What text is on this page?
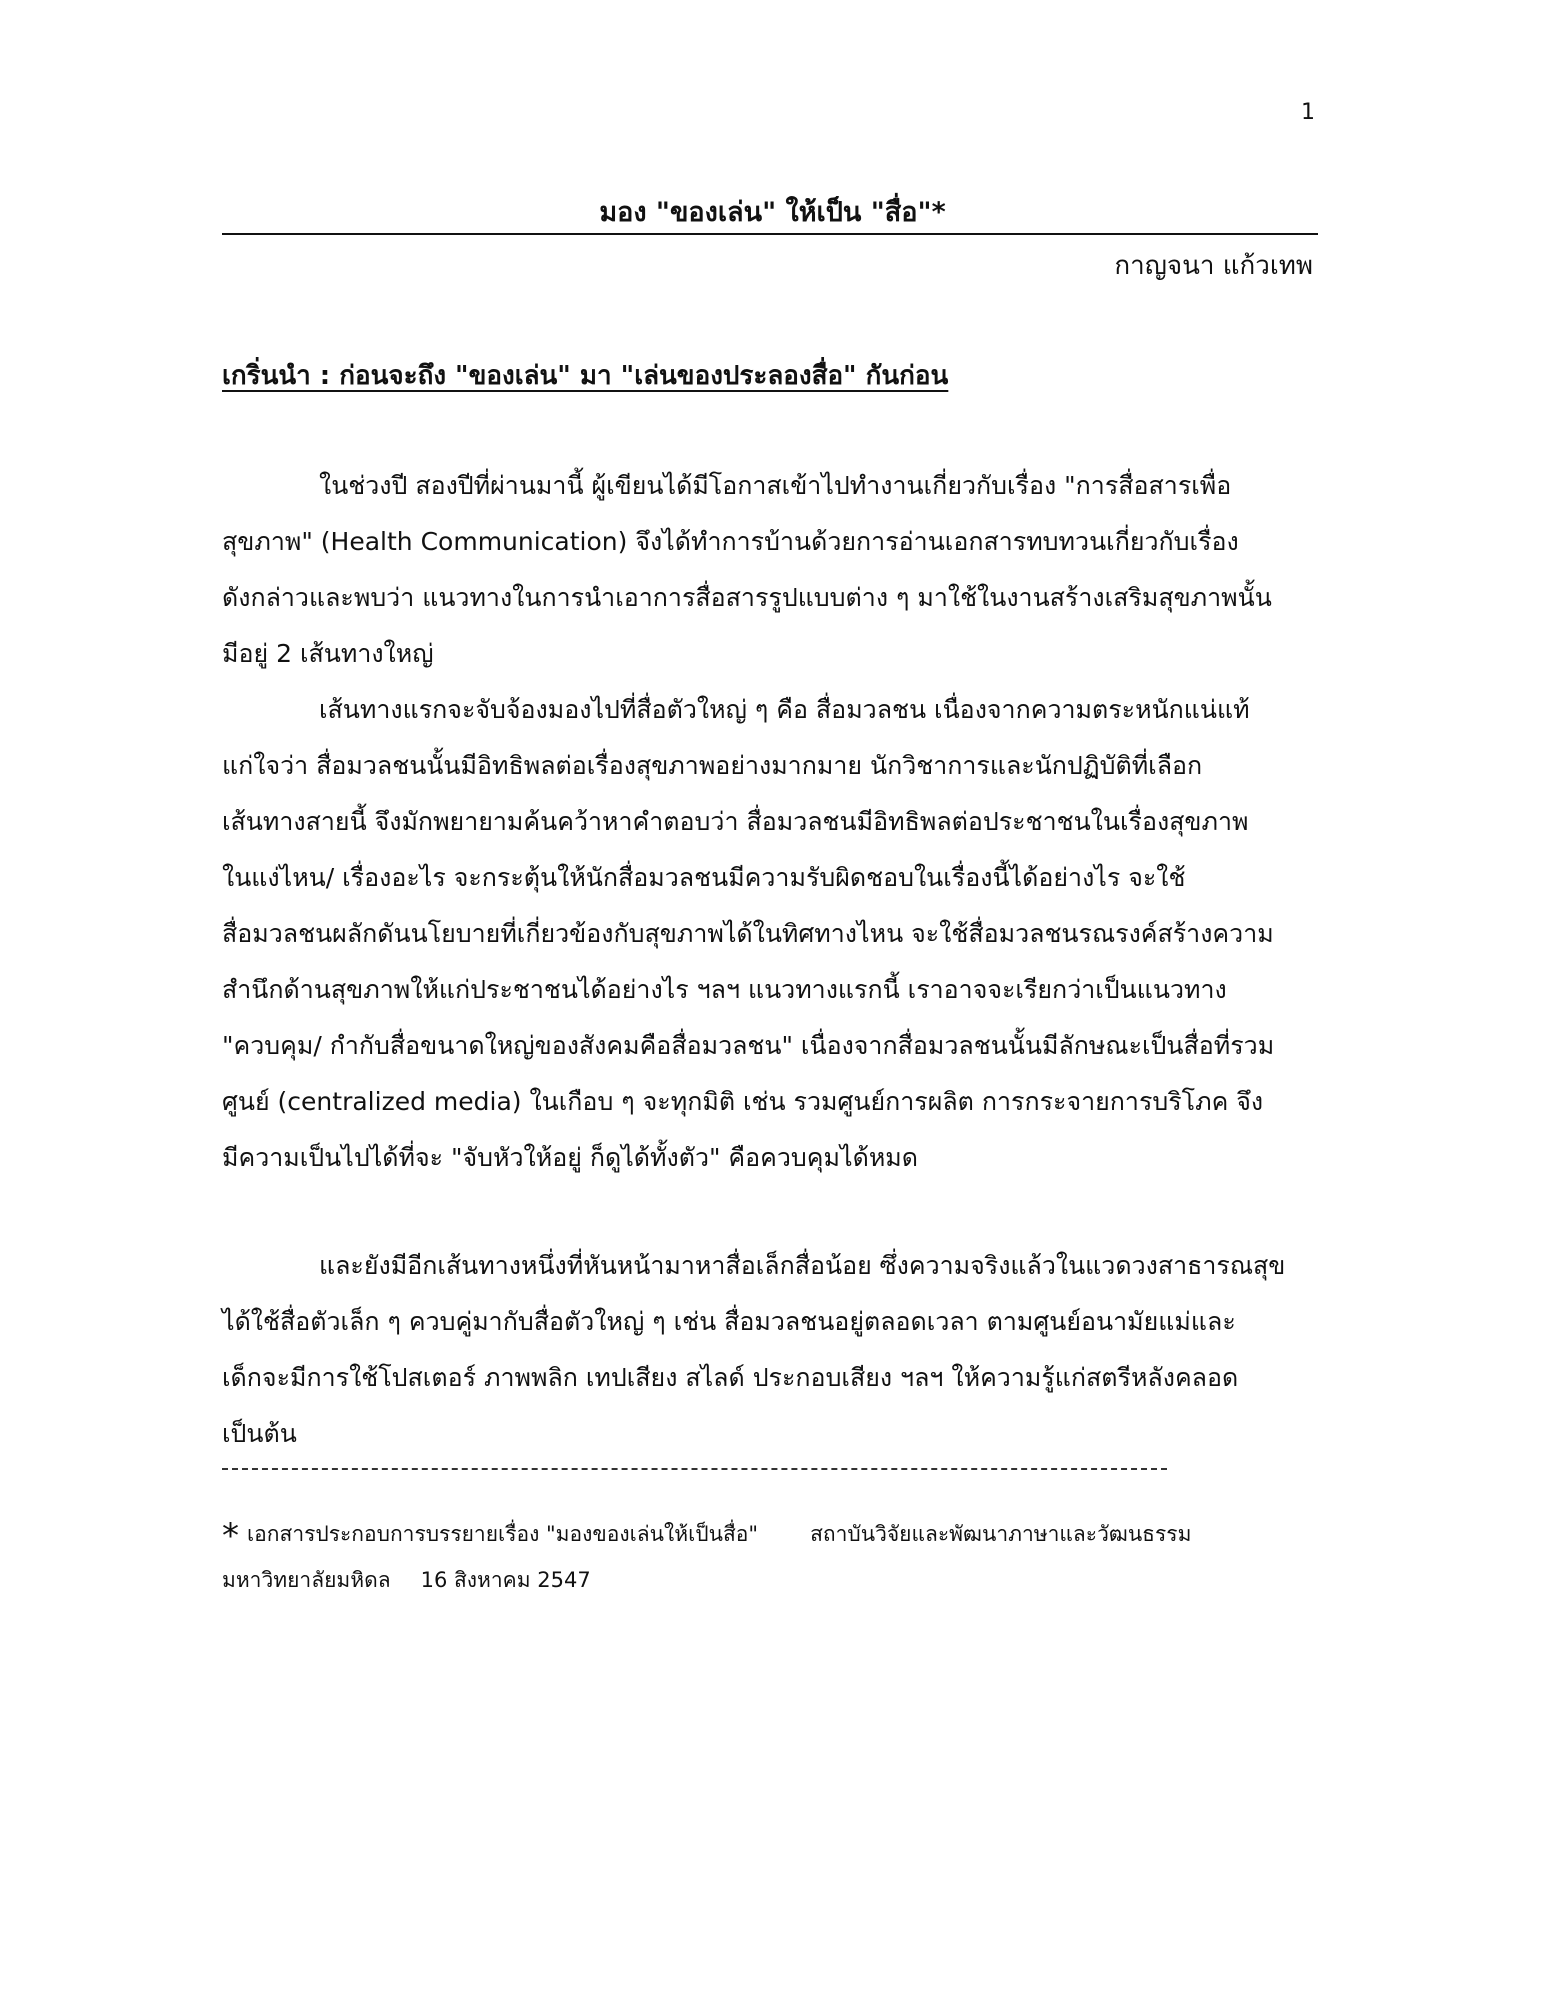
1
มอง "ของเล่น" ให้เป็น "สื่อ"*
กาญจนา แก้วเทพ
เกริ่นนำ : ก่อนจะถึง "ของเล่น" มา "เล่นของประลองสื่อ" กันก่อน

ในช่วงปี สองปีที่ผ่านมานี้ ผู้เขียนได้มีโอกาสเข้าไปทำงานเกี่ยวกับเรื่อง "การสื่อสารเพื่อ
สุขภาพ" (Health Communication) จึงได้ทำการบ้านด้วยการอ่านเอกสารทบทวนเกี่ยวกับเรื่อง
ดังกล่าวและพบว่า แนวทางในการนำเอาการสื่อสารรูปแบบต่าง ๆ มาใช้ในงานสร้างเสริมสุขภาพนั้น
มีอยู่ 2 เส้นทางใหญ่

เส้นทางแรกจะจับจ้องมองไปที่สื่อตัวใหญ่ ๆ คือ สื่อมวลชน เนื่องจากความตระหนักแน่แท้
แก่ใจว่า สื่อมวลชนนั้นมีอิทธิพลต่อเรื่องสุขภาพอย่างมากมาย นักวิชาการและนักปฏิบัติที่เลือก
เส้นทางสายนี้ จึงมักพยายามค้นคว้าหาคำตอบว่า สื่อมวลชนมีอิทธิพลต่อประชาชนในเรื่องสุขภาพ
ในแง่ไหน/ เรื่องอะไร จะกระตุ้นให้นักสื่อมวลชนมีความรับผิดชอบในเรื่องนี้ได้อย่างไร จะใช้
สื่อมวลชนผลักดันนโยบายที่เกี่ยวข้องกับสุขภาพได้ในทิศทางไหน จะใช้สื่อมวลชนรณรงค์สร้างความ
สำนึกด้านสุขภาพให้แก่ประชาชนได้อย่างไร ฯลฯ แนวทางแรกนี้ เราอาจจะเรียกว่าเป็นแนวทาง
"ควบคุม/ กำกับสื่อขนาดใหญ่ของสังคมคือสื่อมวลชน" เนื่องจากสื่อมวลชนนั้นมีลักษณะเป็นสื่อที่รวม
ศูนย์ (centralized media) ในเกือบ ๆ จะทุกมิติ เช่น รวมศูนย์การผลิต การกระจายการบริโภค จึง
มีความเป็นไปได้ที่จะ "จับหัวให้อยู่ ก็ดูได้ทั้งตัว" คือควบคุมได้หมด

และยังมีอีกเส้นทางหนึ่งที่หันหน้ามาหาสื่อเล็กสื่อน้อย ซึ่งความจริงแล้วในแวดวงสาธารณสุข
ได้ใช้สื่อตัวเล็ก ๆ ควบคู่มากับสื่อตัวใหญ่ ๆ เช่น สื่อมวลชนอยู่ตลอดเวลา ตามศูนย์อนามัยแม่และ
เด็กจะมีการใช้โปสเตอร์ ภาพพลิก เทปเสียง สไลด์ ประกอบเสียง ฯลฯ ให้ความรู้แก่สตรีหลังคลอด
เป็นต้น

* เอกสารประกอบการบรรยายเรื่อง "มองของเล่นให้เป็นสื่อ" สถาบันวิจัยและพัฒนาภาษาและวัฒนธรรม
มหาวิทยาลัยมหิดล 16 สิงหาคม 2547
